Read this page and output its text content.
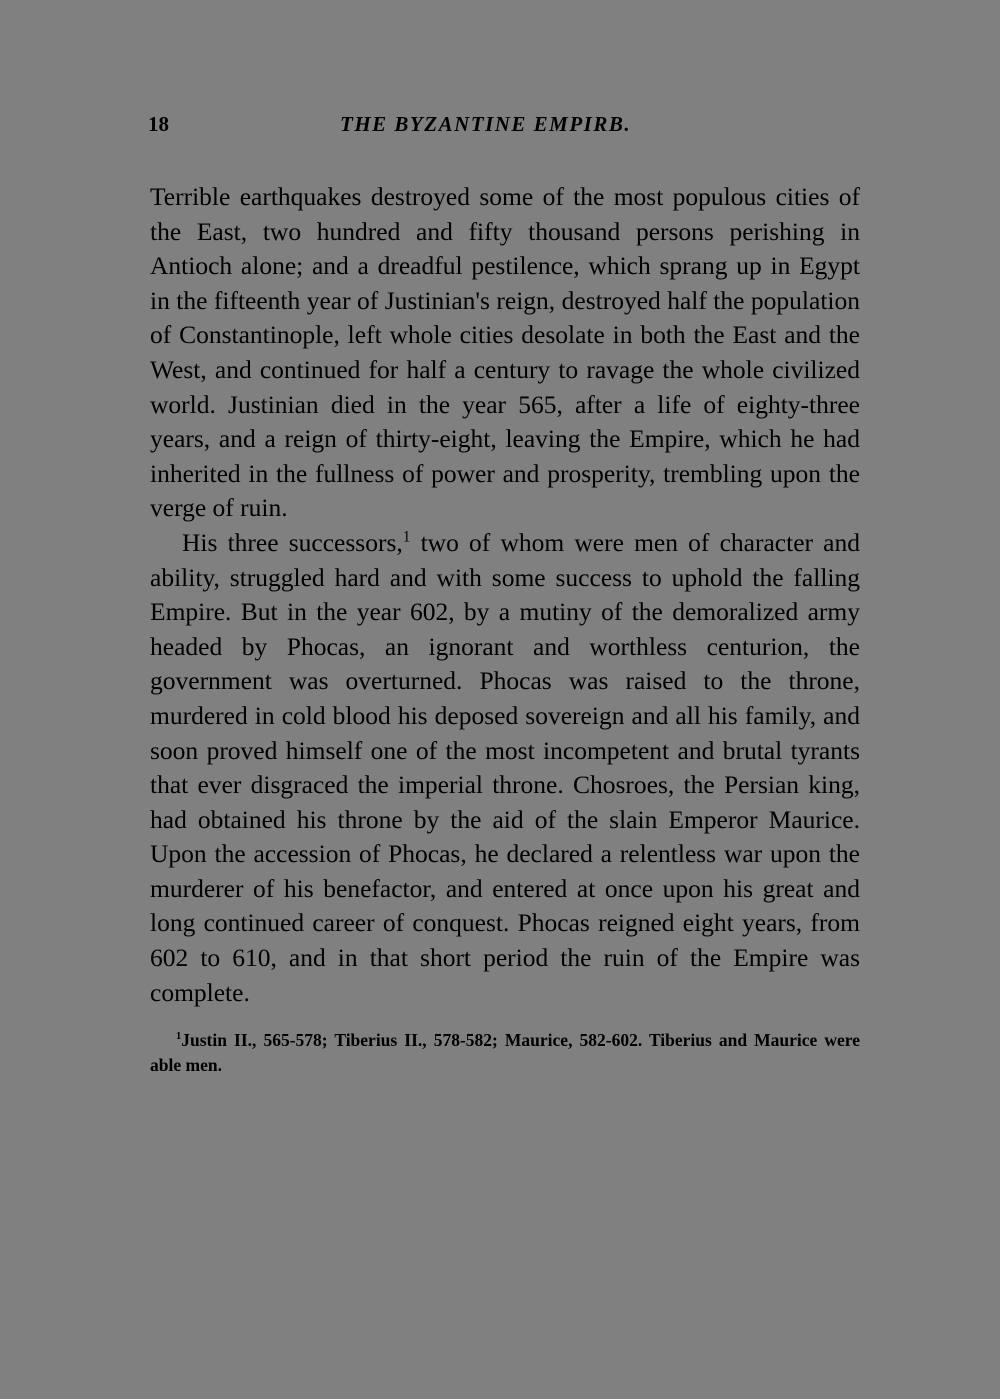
18	THE BYZANTINE EMPIRB.

Terrible earthquakes destroyed some of the most populous cities of the East, two hundred and fifty thousand persons perishing in Antioch alone; and a dreadful pestilence, which sprang up in Egypt in the fifteenth year of Justinian's reign, destroyed half the population of Constantinople, left whole cities desolate in both the East and the West, and continued for half a century to ravage the whole civilized world. Justinian died in the year 565, after a life of eighty-three years, and a reign of thirty-eight, leaving the Empire, which he had inherited in the fullness of power and prosperity, trembling upon the verge of ruin.

His three successors,$^1$ two of whom were men of character and ability, struggled hard and with some success to uphold the falling Empire. But in the year 602, by a mutiny of the demoralized army headed by Phocas, an ignorant and worthless centurion, the government was overturned. Phocas was raised to the throne, murdered in cold blood his deposed sovereign and all his family, and soon proved himself one of the most incompetent and brutal tyrants that ever disgraced the imperial throne. Chosroes, the Persian king, had obtained his throne by the aid of the slain Emperor Maurice. Upon the accession of Phocas, he declared a relentless war upon the murderer of his benefactor, and entered at once upon his great and long continued career of conquest. Phocas reigned eight years, from 602 to 610, and in that short period the ruin of the Empire was complete.

$^1$Justin II., 565-578; Tiberius II., 578-582; Maurice, 582-602. Tiberius and Maurice were able men.
